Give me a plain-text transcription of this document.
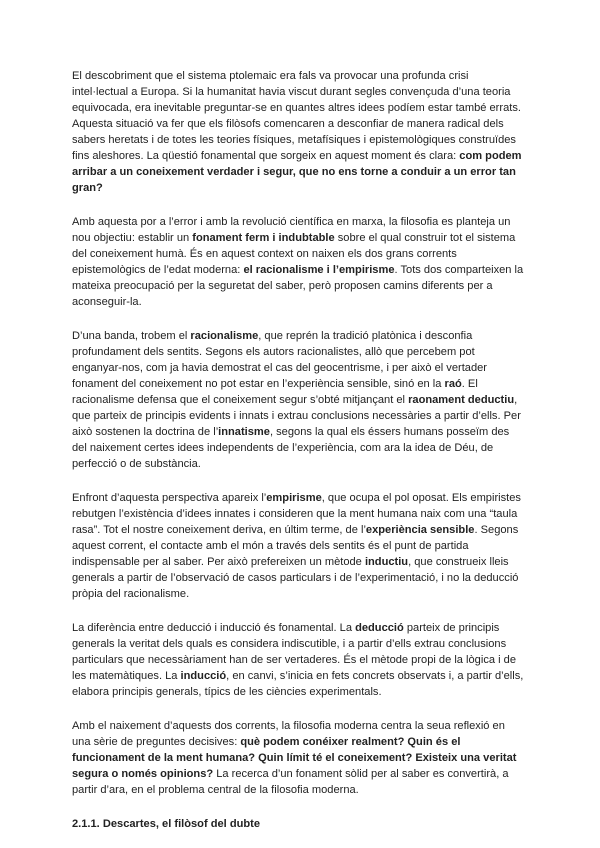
El descobriment que el sistema ptolemaic era fals va provocar una profunda crisi intel·lectual a Europa. Si la humanitat havia viscut durant segles convençuda d’una teoria equivocada, era inevitable preguntar-se en quantes altres idees podíem estar també errats. Aquesta situació va fer que els filòsofs comencaren a desconfiar de manera radical dels sabers heretats i de totes les teories físiques, metafísiques i epistemològiques construïdes fins aleshores. La qüestió fonamental que sorgeix en aquest moment és clara: com podem arribar a un coneixement verdader i segur, que no ens torne a conduir a un error tan gran?

Amb aquesta por a l’error i amb la revolució científica en marxa, la filosofia es planteja un nou objectiu: establir un fonament ferm i indubtable sobre el qual construir tot el sistema del coneixement humà. És en aquest context on naixen els dos grans corrents epistemològics de l’edat moderna: el racionalisme i l’empirisme. Tots dos comparteixen la mateixa preocupació per la seguretat del saber, però proposen camins diferents per a aconseguir-la.

D’una banda, trobem el racionalisme, que reprén la tradició platònica i desconfia profundament dels sentits. Segons els autors racionalistes, allò que percebem pot enganyar-nos, com ja havia demostrat el cas del geocentrisme, i per això el vertader fonament del coneixement no pot estar en l’experiència sensible, sinó en la raó. El racionalisme defensa que el coneixement segur s’obté mitjançant el raonament deductiu, que parteix de principis evidents i innats i extrau conclusions necessàries a partir d’ells. Per això sostenen la doctrina de l’innatisme, segons la qual els éssers humans posseïm des del naixement certes idees independents de l’experiència, com ara la idea de Déu, de perfecció o de substància.

Enfront d’aquesta perspectiva apareix l’empirisme, que ocupa el pol oposat. Els empiristes rebutgen l’existència d’idees innates i consideren que la ment humana naix com una “taula rasa”. Tot el nostre coneixement deriva, en últim terme, de l’experiència sensible. Segons aquest corrent, el contacte amb el món a través dels sentits és el punt de partida indispensable per al saber. Per això prefereixen un mètode inductiu, que construeix lleis generals a partir de l’observació de casos particulars i de l’experimentació, i no la deducció pròpia del racionalisme.

La diferència entre deducció i inducció és fonamental. La deducció parteix de principis generals la veritat dels quals es considera indiscutible, i a partir d’ells extrau conclusions particulars que necessàriament han de ser vertaderes. És el mètode propi de la lògica i de les matemàtiques. La inducció, en canvi, s’inicia en fets concrets observats i, a partir d’ells, elabora principis generals, típics de les ciències experimentals.

Amb el naixement d’aquests dos corrents, la filosofia moderna centra la seua reflexió en una sèrie de preguntes decisives: què podem conéixer realment? Quin és el funcionament de la ment humana? Quin límit té el coneixement? Existeix una veritat segura o només opinions? La recerca d’un fonament sòlid per al saber es convertirà, a partir d’ara, en el problema central de la filosofia moderna.

2.1.1. Descartes, el filòsof del dubte
